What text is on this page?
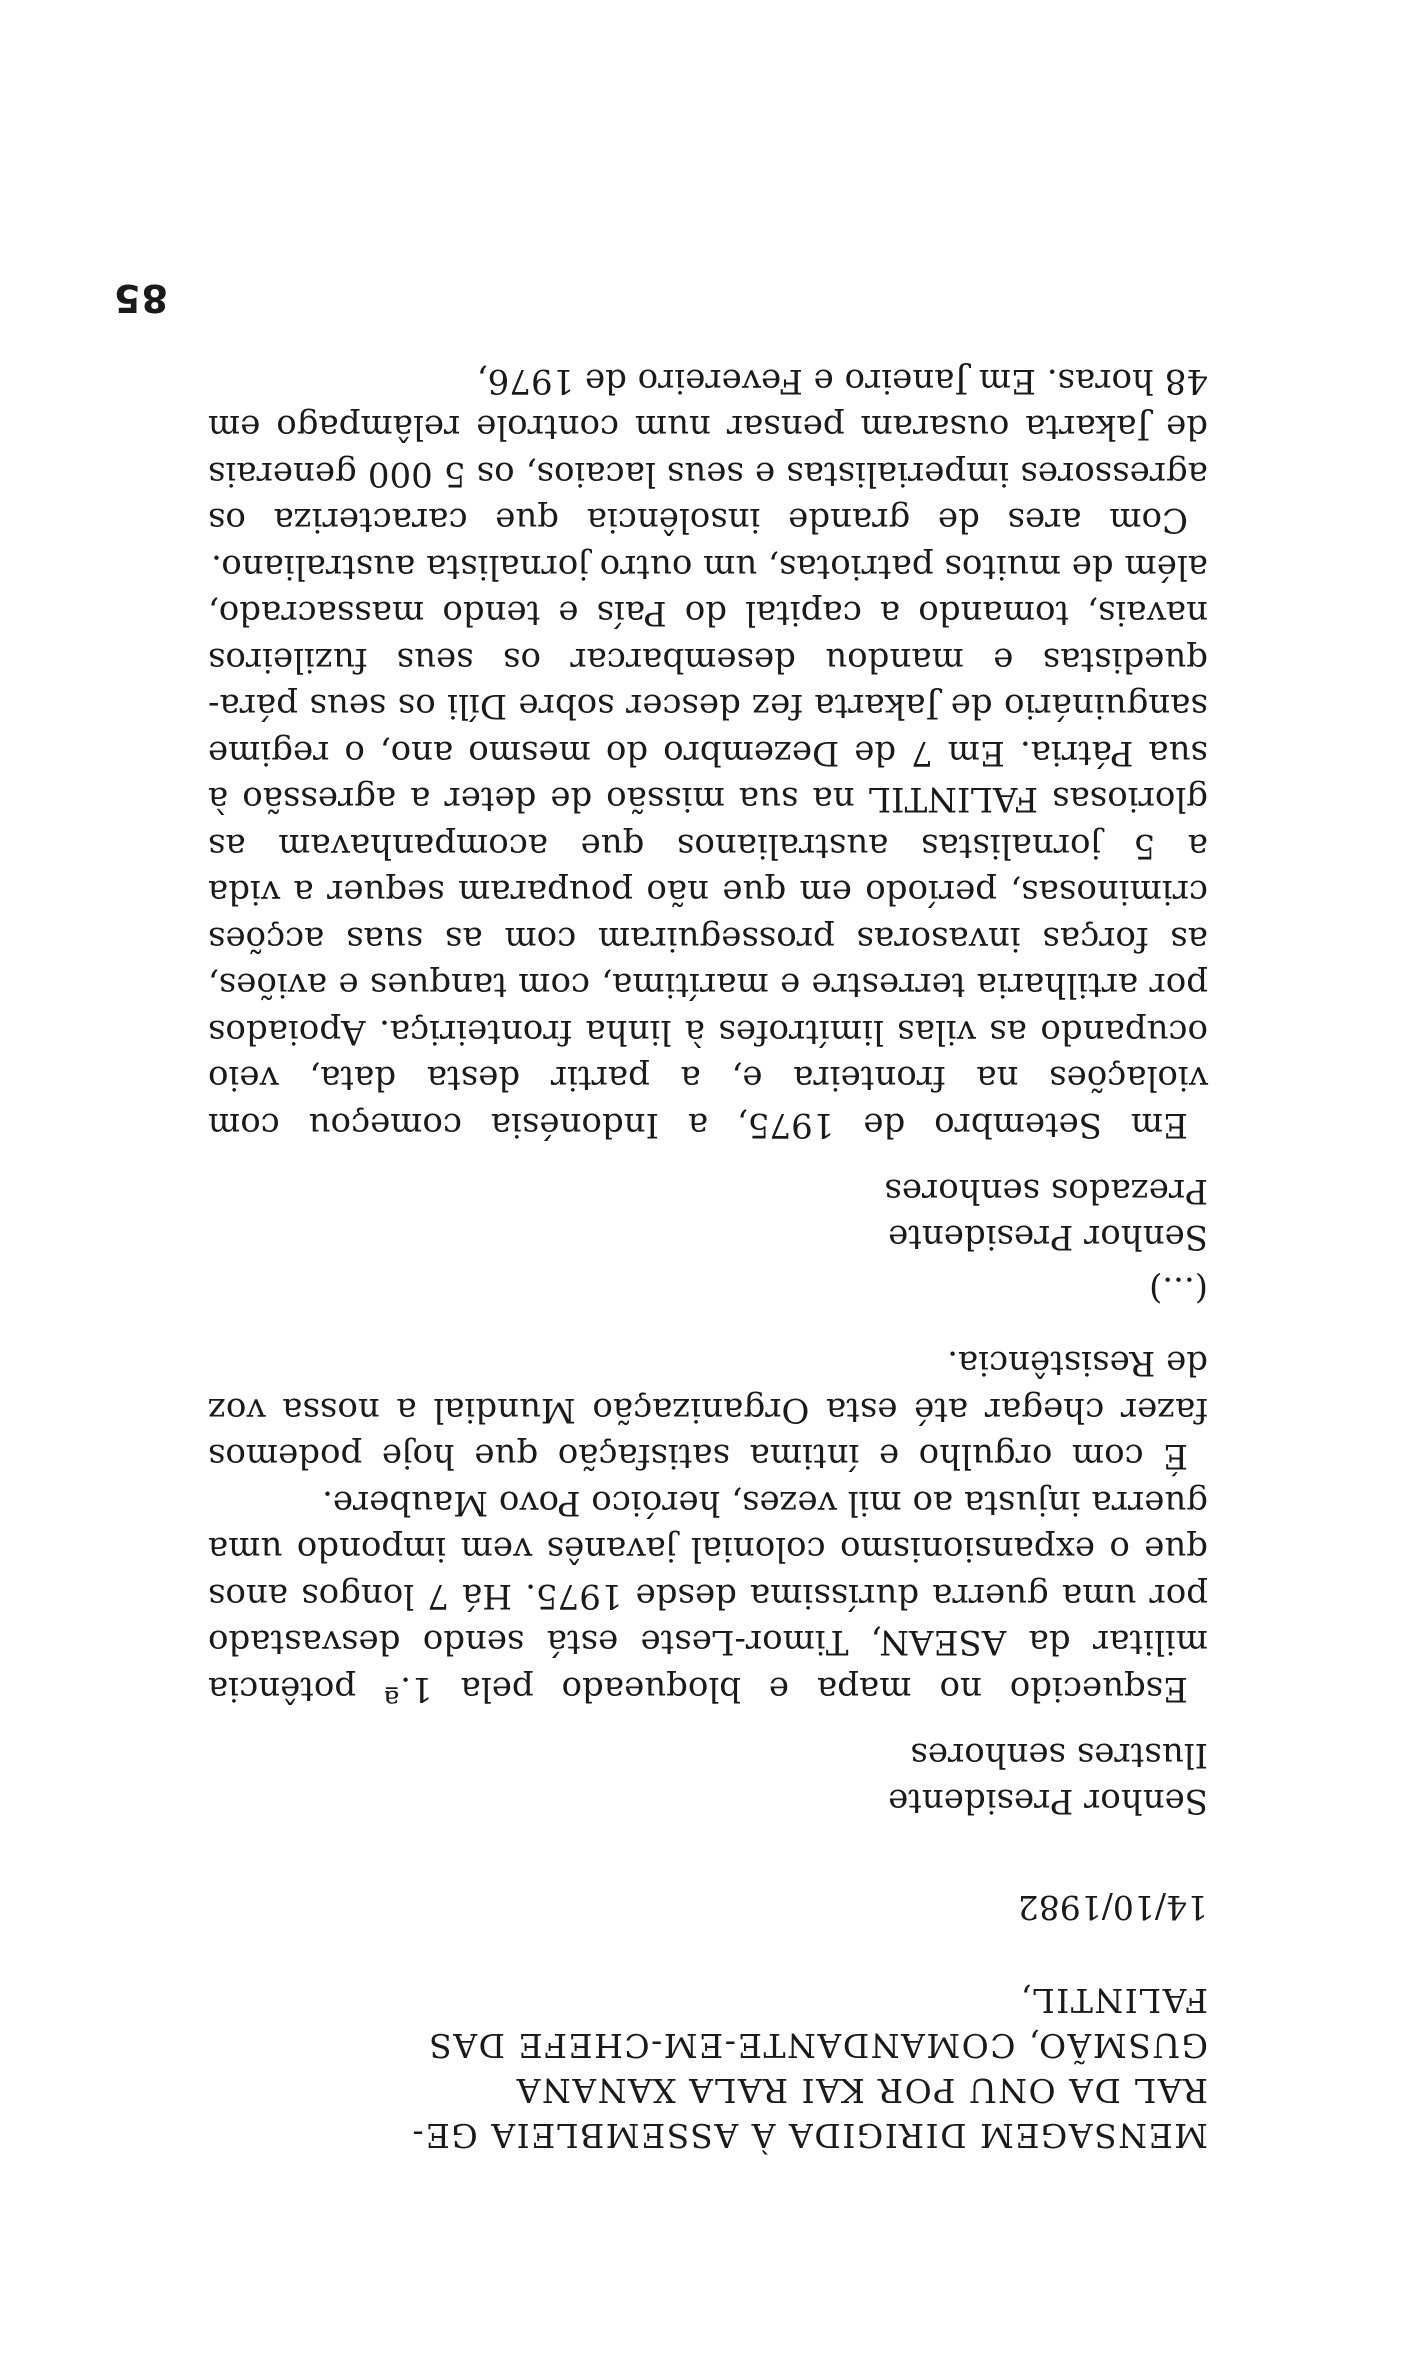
MENSAGEM DIRIGIDA À ASSEMBLEIA GE-
RAL DA ONU POR KAI RALA XANANA
GUSMÃO, COMANDANTE-EM-CHEFE DAS
FALINTIL,
14/10/1982
Senhor Presidente
Ilustres senhores

Esquecido no mapa e bloqueado pela 1.ª potência militar da ASEAN, Timor-Leste está sendo desvastado por uma guerra duríssima desde 1975. Há 7 longos anos que o expansionismo colonial javanês vem impondo uma guerra injusta ao mil vezes, heróico Povo Maubere.

É com orgulho e íntima satisfação que hoje podemos fazer chegar até esta Organização Mundial a nossa voz de Resistência.

(...)
Senhor Presidente
Prezados senhores

Em Setembro de 1975, a Indonésia começou com violações na fronteira e, a partir desta data, veio ocupando as vilas limítrofes à linha fronteiriça. Apoiados por artilharia terrestre e marítima, com tanques e aviões, as forças invasoras prosseguiram com as suas acções criminosas, período em que não pouparam sequer a vida a 5 jornalistas australianos que acompanhavam as gloriosas FALINTIL na sua missão de deter a agressão à sua Pátria. Em 7 de Dezembro do mesmo ano, o regime sanguinário de Jakarta fez descer sobre Díli os seus pára-quedistas e mandou desembarcar os seus fuzileiros navais, tomando a capital do País e tendo massacrado, além de muitos patriotas, um outro jornalista australiano.

Com ares de grande insolência que caracteriza os agressores imperialistas e seus lacaios, os 5 000 generais de Jakarta ousaram pensar num controle relâmpago em 48 horas. Em Janeiro e Fevereiro de 1976,

85
